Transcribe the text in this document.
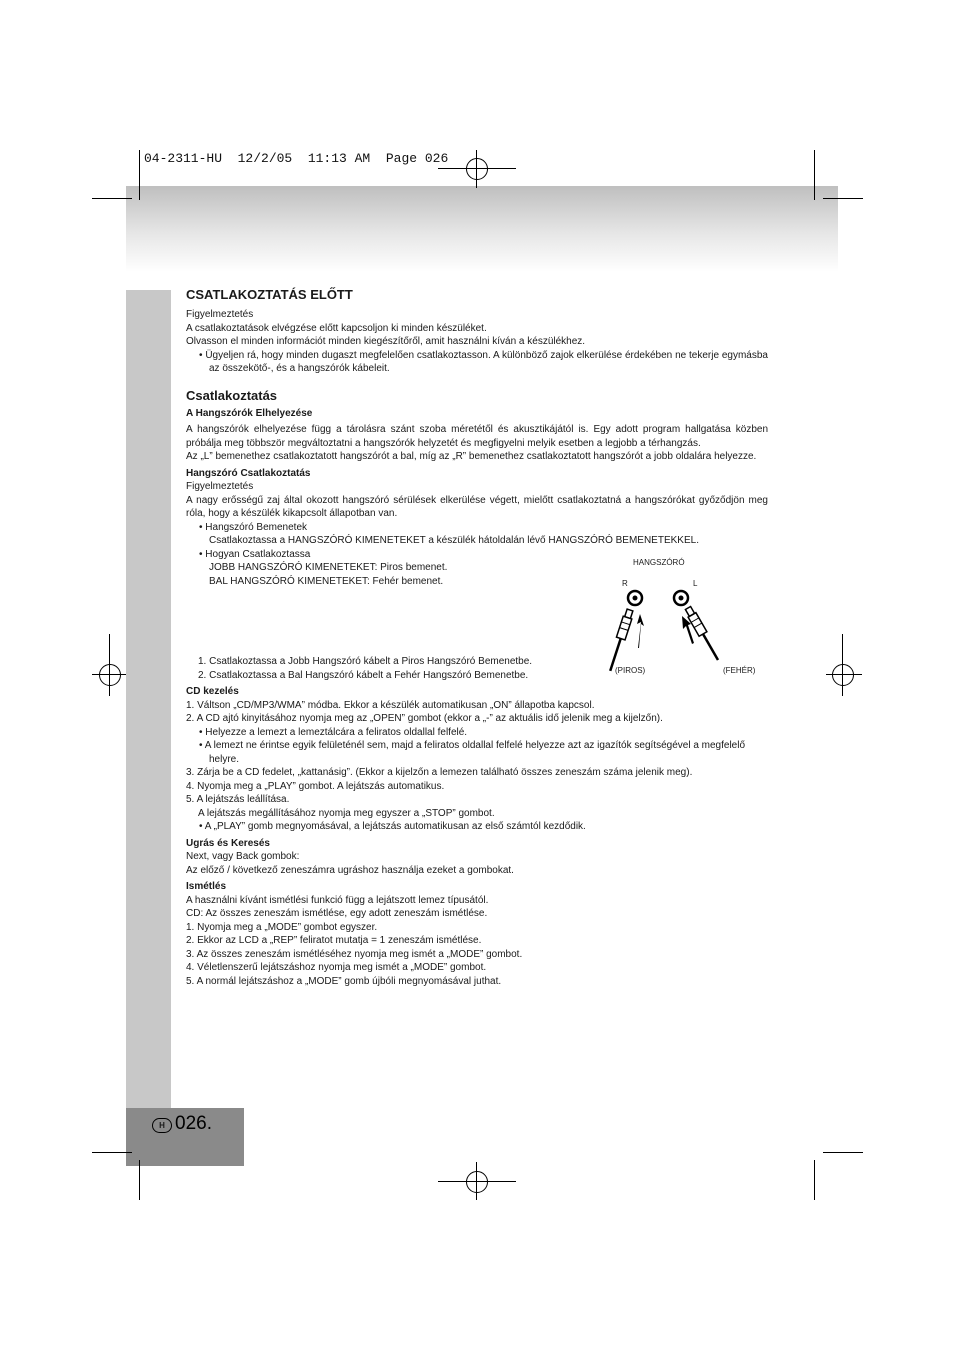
04-2311-HU  12/2/05  11:13 AM  Page 026
H 026.

CSATLAKOZTATÁS ELŐTT

Figyelmeztetés

A csatlakoztatások elvégzése előtt kapcsoljon ki minden készüléket.

Olvasson el minden információt minden kiegészítőről, amit használni kíván a készülékhez.

• Ügyeljen rá, hogy minden dugaszt megfelelően csatlakoztasson. A különböző zajok elkerülése érdekében ne tekerje egymásba az összekötő-, és a hangszórók kábeleit.

Csatlakoztatás

A Hangszórók Elhelyezése

A hangszórók elhelyezése függ a tárolásra szánt szoba méretétől és akusztikájától is. Egy adott program hallgatása közben próbálja meg többször megváltoztatni a hangszórók helyzetét és megfigyelni melyik esetben a legjobb a térhangzás.

Az „L” bemenethez csatlakoztatott hangszórót a bal, míg az „R” bemenethez csatlakoztatott hangszórót a jobb oldalára helyezze.

Hangszóró Csatlakoztatás

Figyelmeztetés

A nagy erősségű zaj által okozott hangszóró sérülések elkerülése végett, mielőtt csatlakoztatná a hangszórókat győződjön meg róla, hogy a készülék kikapcsolt állapotban van.

• Hangszóró Bemenetek

Csatlakoztassa a HANGSZÓRÓ KIMENETEKET a készülék hátoldalán lévő HANGSZÓRÓ BEMENETEKKEL.

• Hogyan Csatlakoztassa

JOBB HANGSZÓRÓ KIMENETEKET: Piros bemenet.

BAL HANGSZÓRÓ KIMENETEKET: Fehér bemenet.

1. Csatlakoztassa a Jobb Hangszóró kábelt a Piros Hangszóró Bemenetbe.

2. Csatlakoztassa a Bal Hangszóró kábelt a Fehér Hangszóró Bemenetbe.

CD kezelés

1. Váltson „CD/MP3/WMA” módba. Ekkor a készülék automatikusan „ON” állapotba kapcsol.

2. A CD ajtó kinyitásához nyomja meg az „OPEN” gombot (ekkor a „-” az aktuális idő jelenik meg a kijelzőn).

• Helyezze a lemezt a lemeztálcára a feliratos oldallal felfelé.

• A lemezt ne érintse egyik felületénél sem, majd a feliratos oldallal felfelé helyezze azt az igazítók segítségével a megfelelő helyre.

3. Zárja be a CD fedelet, „kattanásig”. (Ekkor a kijelzőn a lemezen található összes zeneszám száma jelenik meg).

4. Nyomja meg a „PLAY” gombot. A lejátszás automatikus.

5. A lejátszás leállítása.

A lejátszás megállításához nyomja meg egyszer a „STOP” gombot.

• A „PLAY” gomb megnyomásával, a lejátszás automatikusan az első számtól kezdődik.

Ugrás és Keresés

Next, vagy Back gombok:

Az előző / következő zeneszámra ugráshoz használja ezeket a gombokat.

Ismétlés

A használni kívánt ismétlési funkció függ a lejátszott lemez típusától.

CD: Az összes zeneszám ismétlése, egy adott zeneszám ismétlése.

1. Nyomja meg a „MODE” gombot egyszer.

2. Ekkor az LCD a „REP” feliratot mutatja = 1 zeneszám ismétlése.

3. Az összes zeneszám ismétléséhez nyomja meg ismét a „MODE” gombot.

4. Véletlenszerű lejátszáshoz nyomja meg ismét a „MODE” gombot.

5. A normál lejátszáshoz a „MODE” gomb újbóli megnyomásával juthat.

HANGSZÓRÓ
R	L
(PIROS)	(FEHÉR)
